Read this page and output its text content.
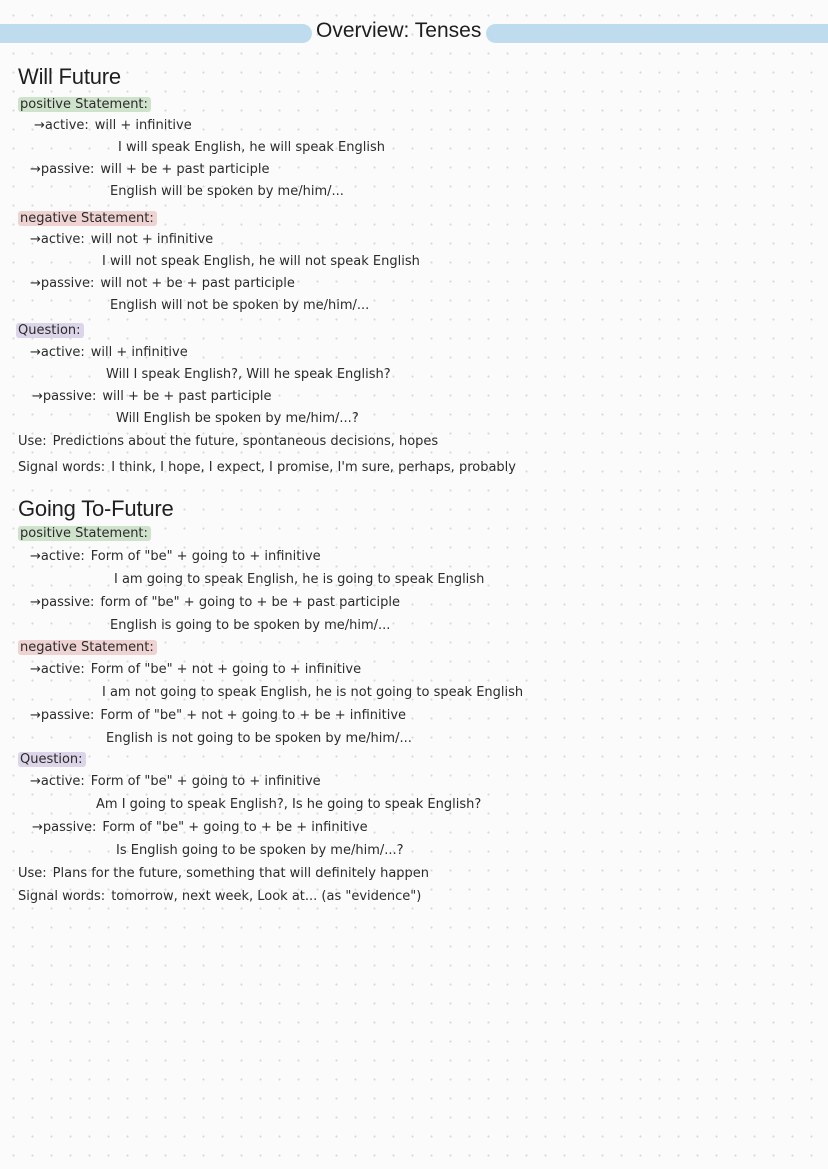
Overview: Tenses
Will Future
positive Statement:
→active: will + infinitive
I will speak English, he will speak English
→passive: will + be + past participle
English will be spoken by me/him/...
negative Statement:
→active: will not + infinitive
I will not speak English, he will not speak English
→passive: will not + be + past participle
English will not be spoken by me/him/...
Question:
→active: will + infinitive
Will I speak English?, Will he speak English?
→passive: will + be + past participle
Will English be spoken by me/him/...?
Use: Predictions about the future, spontaneous decisions, hopes
Signal words: I think, I hope, I expect, I promise, I'm sure, perhaps, probably
Going To-Future
positive Statement:
→active: Form of "be" + going to + infinitive
I am going to speak English, he is going to speak English
→passive: form of "be" + going to + be + past participle
English is going to be spoken by me/him/...
negative Statement:
→active: Form of "be" + not + going to + infinitive
I am not going to speak English, he is not going to speak English
→passive: Form of "be" + not + going to + be + infinitive
English is not going to be spoken by me/him/...
Question:
→active: Form of "be" + going to + infinitive
Am I going to speak English?, Is he going to speak English?
→passive: Form of "be" + going to + be + infinitive
Is English going to be spoken by me/him/...?
Use: Plans for the future, something that will definitely happen
Signal words: tomorrow, next week, Look at... (as "evidence")
